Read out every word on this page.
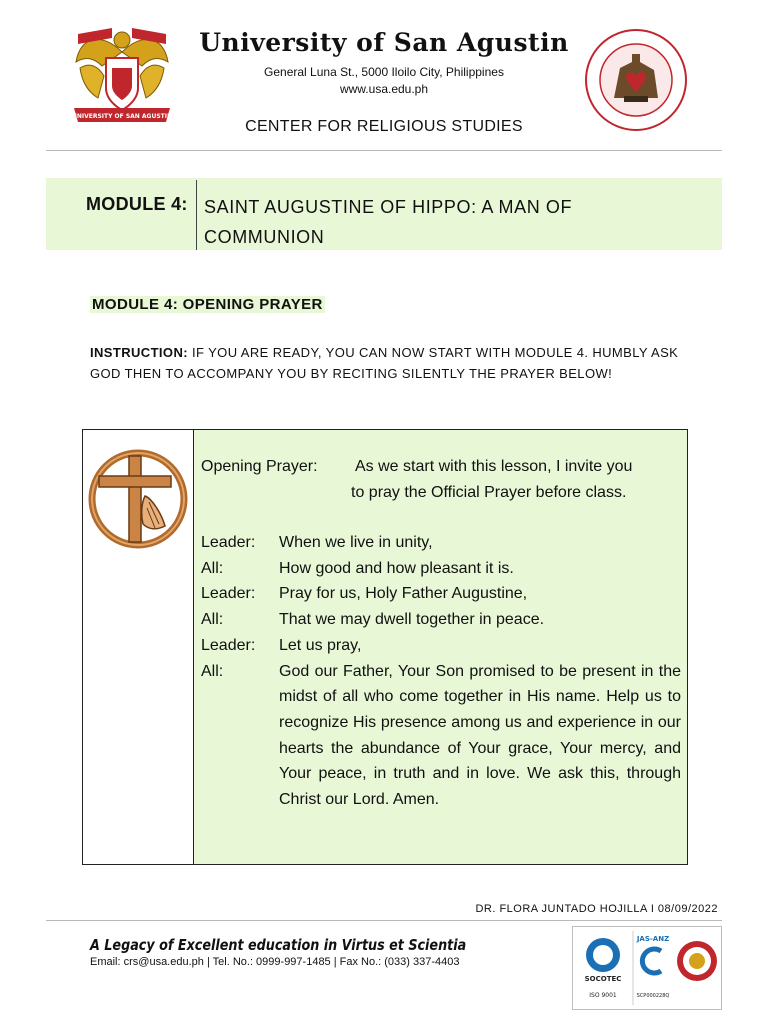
UNIVERSITY OF SAN AGUSTIN
University of San Agustin
General Luna St., 5000 Iloilo City, Philippines
www.usa.edu.ph
CENTER FOR RELIGIOUS STUDIES
MODULE 4: SAINT AUGUSTINE OF HIPPO: A MAN OF COMMUNION
MODULE 4: OPENING PRAYER
INSTRUCTION: IF YOU ARE READY, YOU CAN NOW START WITH MODULE 4. HUMBLY ASK GOD THEN TO ACCOMPANY YOU BY RECITING SILENTLY THE PRAYER BELOW!
Opening Prayer: As we start with this lesson, I invite you
to pray the Official Prayer before class.
Leader:	When we live in unity,
All:	How good and how pleasant it is.
Leader:	Pray for us, Holy Father Augustine,
All:	That we may dwell together in peace.
Leader:	Let us pray,
All:	God our Father, Your Son promised to be present in the midst of all who come together in His name. Help us to recognize His presence among us and experience in our hearts the abundance of Your grace, Your mercy, and Your peace, in truth and in love. We ask this, through Christ our Lord. Amen.
DR. FLORA JUNTADO HOJILLA I 08/09/2022
A Legacy of Excellent education in Virtus et Scientia
Email: crs@usa.edu.ph | Tel. No.: 0999-997-1485 | Fax No.: (033) 337-4403
SOCOTEC
ISO 9001
JAS-ANZ
SCP000228Q
